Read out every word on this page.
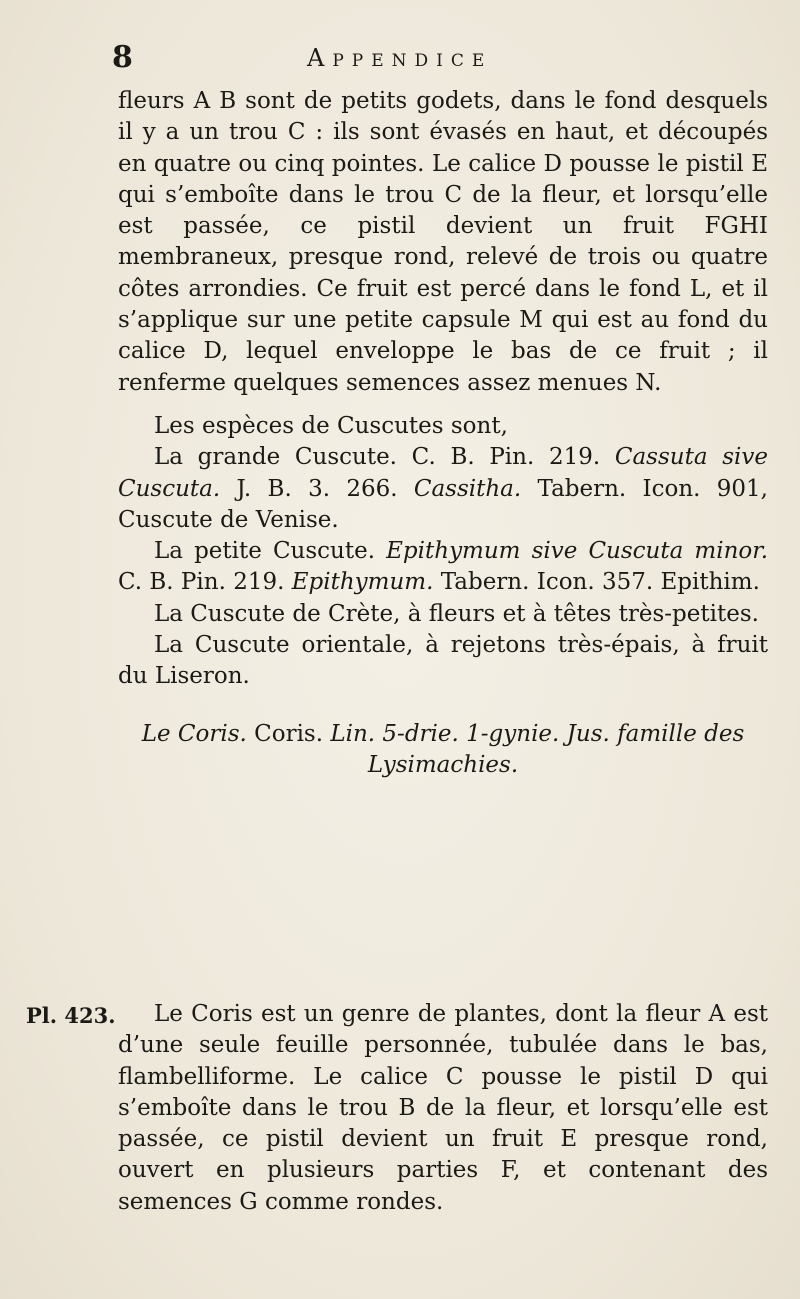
8	Appendice

fleurs A B sont de petits godets, dans le fond desquels il y a un trou C : ils sont évasés en haut, et découpés en quatre ou cinq pointes. Le calice D pousse le pistil E qui s’emboîte dans le trou C de la fleur, et lorsqu’elle est passée, ce pistil devient un fruit FGHI membraneux, presque rond, relevé de trois ou quatre côtes arrondies. Ce fruit est percé dans le fond L, et il s’applique sur une petite capsule M qui est au fond du calice D, lequel enveloppe le bas de ce fruit ; il renferme quelques semences assez menues N.

Les espèces de Cuscutes sont,

La grande Cuscute. C. B. Pin. 219. Cassuta sive Cuscuta. J. B. 3. 266. Cassitha. Tabern. Icon. 901, Cuscute de Venise.

La petite Cuscute. Epithymum sive Cuscuta minor. C. B. Pin. 219. Epithymum. Tabern. Icon. 357. Epithim.

La Cuscute de Crète, à fleurs et à têtes très-petites.

La Cuscute orientale, à rejetons très-épais, à fruit du Liseron.

Le Coris. Coris. Lin. 5-drie. 1-gynie. Jus. famille des Lysimachies.

Pl. 423.	Le Coris est un genre de plantes, dont la fleur A est d’une seule feuille personnée, tubulée dans le bas, flambelliforme. Le calice C pousse le pistil D qui s’emboîte dans le trou B de la fleur, et lorsqu’elle est passée, ce pistil devient un fruit E presque rond, ouvert en plusieurs parties F, et contenant des semences G comme rondes.
